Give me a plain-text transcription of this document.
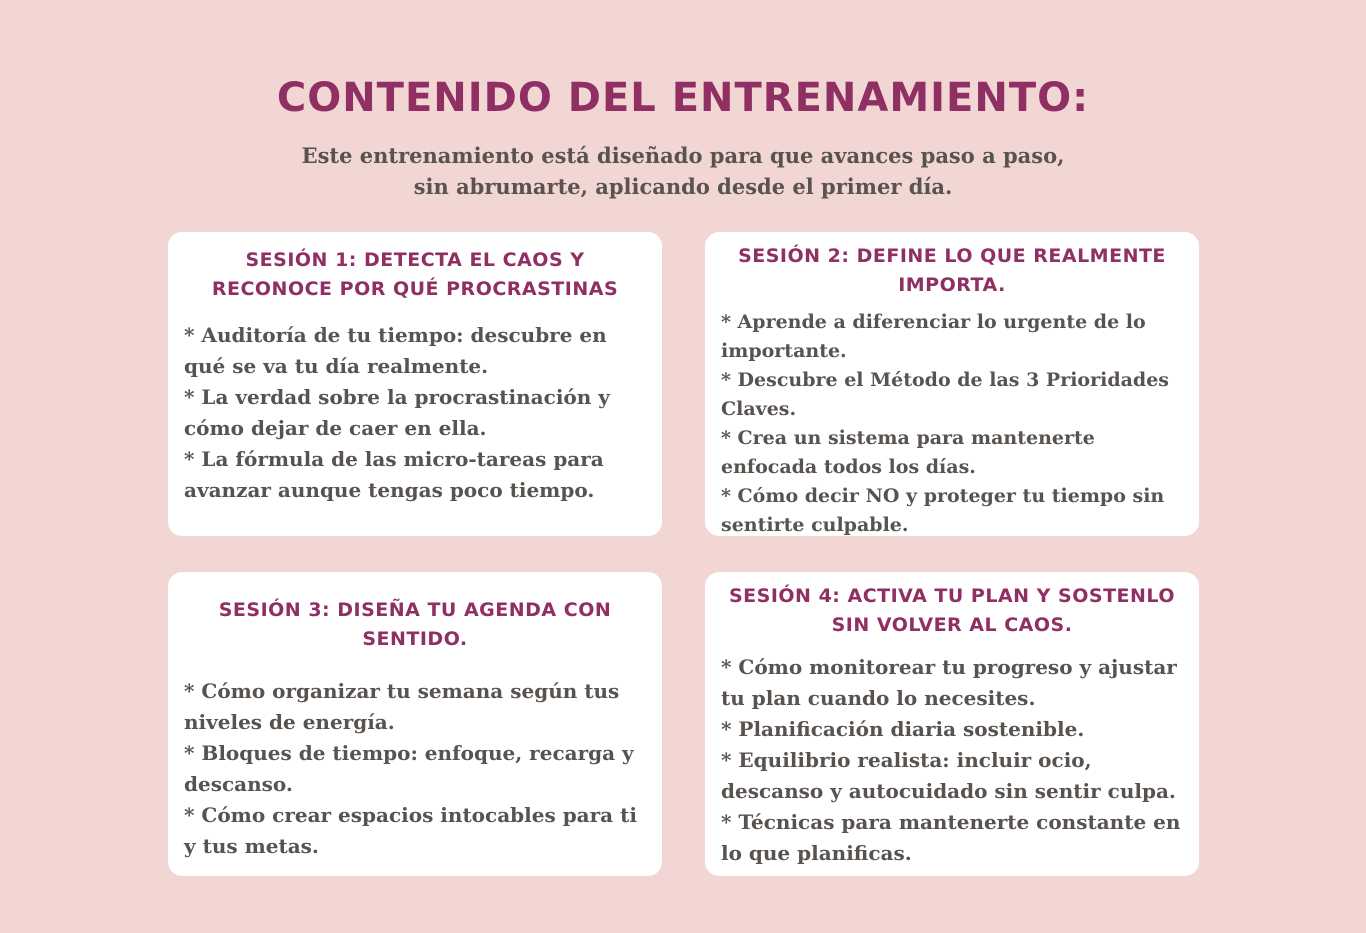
CONTENIDO DEL ENTRENAMIENTO:

Este entrenamiento está diseñado para que avances paso a paso, sin abrumarte, aplicando desde el primer día.

SESIÓN 1: DETECTA EL CAOS Y RECONOCE POR QUÉ PROCRASTINAS
* Auditoría de tu tiempo: descubre en qué se va tu día realmente.
* La verdad sobre la procrastinación y cómo dejar de caer en ella.
* La fórmula de las micro-tareas para avanzar aunque tengas poco tiempo.
SESIÓN 2: DEFINE LO QUE REALMENTE IMPORTA.
* Aprende a diferenciar lo urgente de lo importante.
* Descubre el Método de las 3 Prioridades Claves.
* Crea un sistema para mantenerte enfocada todos los días.
* Cómo decir NO y proteger tu tiempo sin sentirte culpable.
SESIÓN 3: DISEÑA TU AGENDA CON SENTIDO.
* Cómo organizar tu semana según tus niveles de energía.
* Bloques de tiempo: enfoque, recarga y descanso.
* Cómo crear espacios intocables para ti y tus metas.
SESIÓN 4: ACTIVA TU PLAN Y SOSTENLO SIN VOLVER AL CAOS.
* Cómo monitorear tu progreso y ajustar tu plan cuando lo necesites.
* Planificación diaria sostenible.
* Equilibrio realista: incluir ocio, descanso y autocuidado sin sentir culpa.
* Técnicas para mantenerte constante en lo que planificas.
